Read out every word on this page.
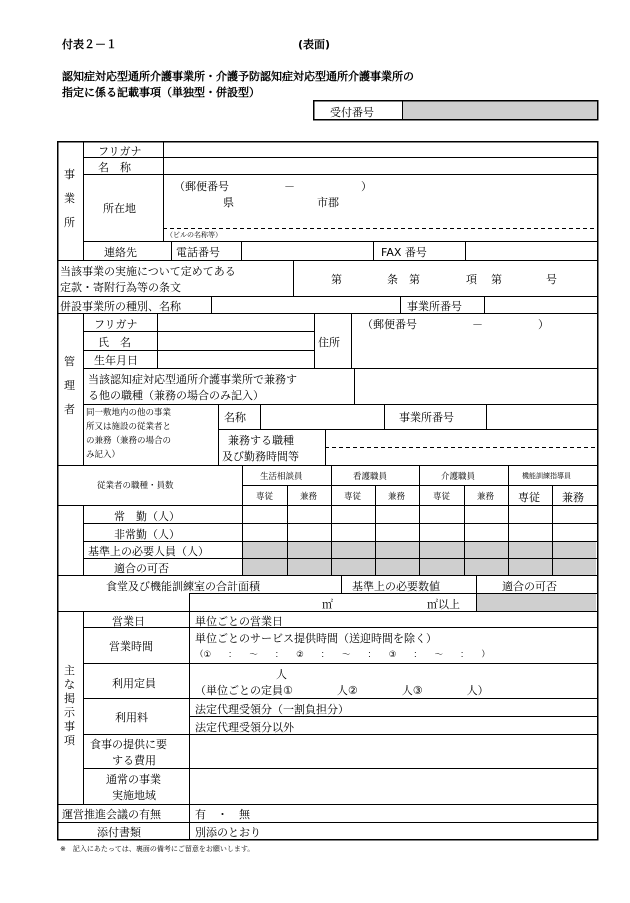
付表２－１	(表面)
認知症対応型通所介護事業所・介護予防認知症対応型通所介護事業所の
指定に係る記載事項（単独型・併設型）
受付番号
事業所
フリガナ
名　称
所在地
（郵便番号　　　　　－　　　　　　）
県	市郡
（ビルの名称等）
連絡先	電話番号	FAX 番号
当該事業の実施について定めてある
定款・寄附行為等の条文
第	条 第	項 第	号
併設事業所の種別、名称	事業所番号
管理者
フリガナ
氏　名
生年月日
住所
（郵便番号　　　　　－　　　　　）
当該認知症対応型通所介護事業所で兼務す
る他の職種（兼務の場合のみ記入）
同一敷地内の他の事業
所又は施設の従業者と
の兼務（兼務の場合の
み記入）
名称	事業所番号
兼務する職種
及び勤務時間等
従業者の職種・員数
生活相談員	看護職員	介護職員	機能訓練指導員
専従	兼務	専従	兼務	専従	兼務 専従 兼務
常　勤（人）
非常勤（人）
基準上の必要人員（人）
適合の可否
食堂及び機能訓練室の合計面積	基準上の必要数値	適合の可否
㎡	㎡以上
主な掲示事項
営業日	単位ごとの営業日
営業時間
単位ごとのサービス提供時間（送迎時間を除く）
（①　　：　　～　　：　　②　　：　　～　　：　　③　　：　　～　　：　　）
利用定員
人
（単位ごとの定員①　　　　人②　　　　人③　　　　人）
利用料
法定代理受領分（一割負担分）
法定代理受領分以外
食事の提供に要
する費用
通常の事業
実施地域
運営推進会議の有無	有　・　無
添付書類	別添のとおり
※　記入にあたっては、裏面の備考にご留意をお願いします。
